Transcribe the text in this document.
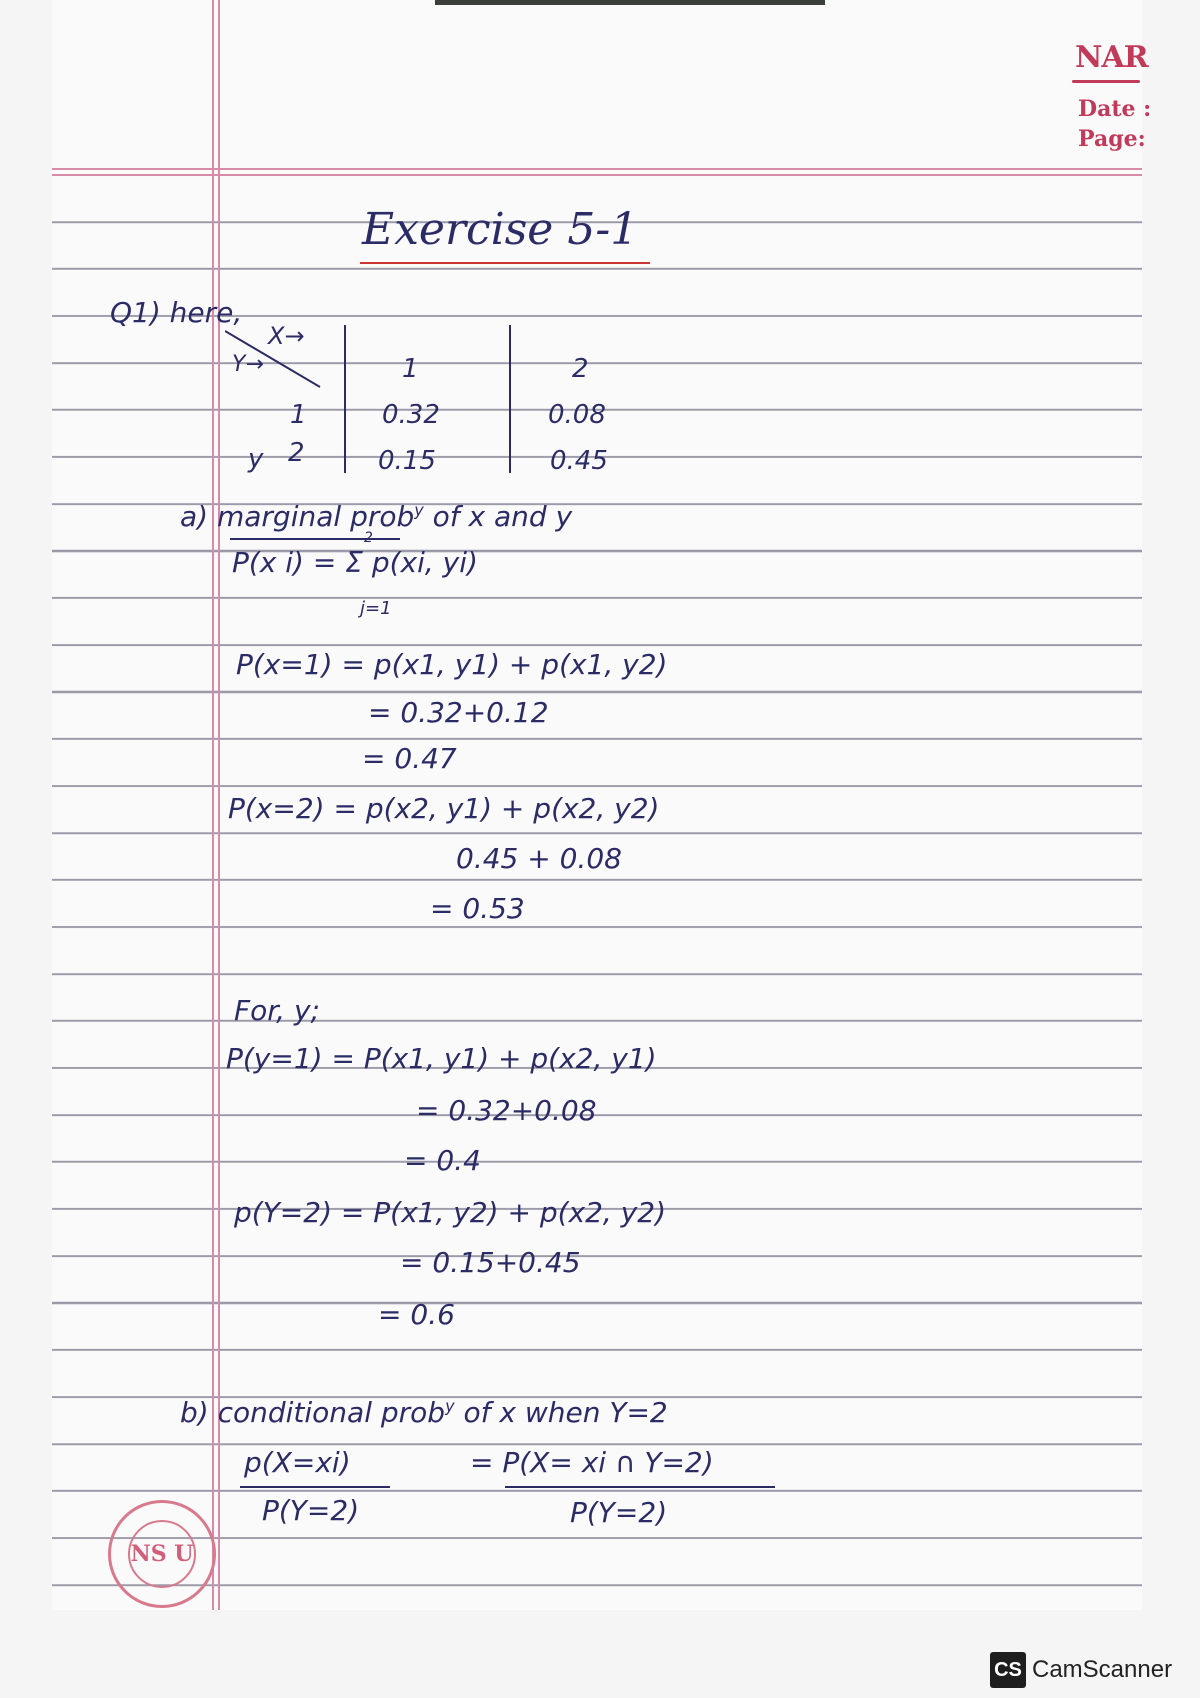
NAR
Date :
Page:
Exercise 5-1
Q1) here,
X→
Y→	1	2
1	0.32	0.08
y 2	0.15	0.45
a) marginal prob$^y$ of x and y
P(x i) = Σ p(xi, yi)
2
j=1
P(x=1) = p(x1, y1) + p(x1, y2)
= 0.32+0.12
= 0.47
P(x=2) = p(x2, y1) + p(x2, y2)
0.45 + 0.08
= 0.53
For, y;
P(y=1) = P(x1, y1) + p(x2, y1)
= 0.32+0.08
= 0.4
p(Y=2) = P(x1, y2) + p(x2, y2)
= 0.15+0.45
= 0.6
b) conditional prob$^y$ of x when Y=2
p(X=xi)
P(Y=2)
= P(X= xi ∩ Y=2)
P(Y=2)
NS U
CS CamScanner
